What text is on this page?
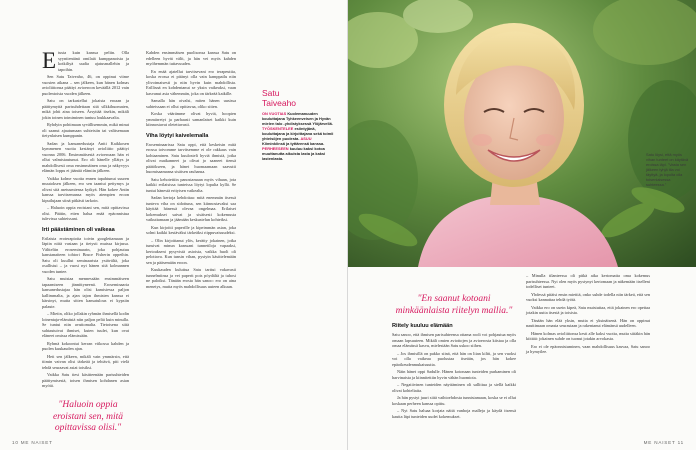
Etusta kuin kanssa peliin. Olla syyntientänä omilaiä kumppanoista ja kotkiltyä uudia ajatusmallehin ja tapoihin.

Sen Satu Taiveaho, 46, on oppinut viime vuosien aikana – sen jälkeen, kun hänen kolmas avioliittonsa päättyi avioeroon keväällä 2012 vain puolentoista vuoden jälkeen.

Satu on tarkastellut jokaista eroaan ja päättymyttä parisuhdettaan sitä silkkihuomaten, mikä johti aina toiseen. Ärsyttää itsekin, mikäli jokin toinen toimiminen tuntuu loukkaavalta.

Ryhdyin pohtimaan syvällisemmin, mikä minut oli saanut ajautumaan suhteisiin tai valitsemaan tietynlaisen kumppanin.

Sadan ja kansanedustaja Antti Kaikkosen kymmenen vuotta kestänyt avioliitto päättyi vuonna 2006. Ensimmäisestä avioeroaan hän ei ollut valmistautunut. Ero oli hänelle yllätys ja mahdollisesti oma ensimmäinen oma ja näkyvyys elämän loppu ei jääntiä elämiin jälkeen.

Vaikka kolme vuotta ennen tapahtunut suuren muutoksen jälkeen, ero sen taantui pettymys ja olivat sitä asetusmiensa kytkyä. Hän kokee Antin kanssa tarvitsemansa myös aiempien eroon kipuilujaan siinä pitkästi tarkoin.

– Haluoin oppia eroistani sen, mitä opittavissa olisi. Päätin, etten halua enää epäonnistua tulevissa suhteissani.

Irti päästäminen oli vaikeaa

Erilaisia eroterapioita toivin googlettamaan ja läpiin niitä vastaan ja tietysti muissa kirjassa. Vältteliin eroseminaarin, joka pohjautuu kanstanaiteen tohtori Bruce Fisherin oppeihin. Satu oli kuullut seminaarista ystävältä, joka osallistui – ja vuosi nyt hänen sitä kolmannen vuoden tuntee.

Satu muistaa mennessään ensimmäiseen tapaamiseen jännittyneenä. Eroseminaaria kansanedustajaa hän olisi kamisiessa paljon kallimmalta, ja ajan tajon ihmisten kanssa ei kärsinyt, mutta sitten kansatulous ei kypsiin palaute.

– Mietin, oliko jollakin ryhmän ihmisellä kodin loinentaja-elämästä niin paljon peliä kuin minulla. Se tuntui niin avuttomalta. Tietoisena siitä suhtautuivat ihmiset, kuten tuulet, kun ovat eläneet omissa elämissään.

Ryhmä kokoontui kerran viikossa kahden ja puolen kuukauden ajan.

Heti sen jälkeen, mikäli vain ymmärsin, että tiimin vaivan olisi tärkeää ja tehtävä, piti vielä tehdä seuraavat asiat toisiksi.

Vaikka Satu tiesi käsitteenään parisuhteiden päättymisestä, toisen ihmisen kohdanen asian myötä.

"Haluoin oppia eroistani sen, mitä opittavissa olisi."

Kahden ensimmäisen puolisonsa kanssa Satu on edelleen hyvät välit, ja hän vei myös kahden myöhemmän tuttavuuden.

En enää ajatellut tarvitsevani ero terapeuttia, koska erossa ei pitänyt olla vain kamppailu niin ylivoimaisesti ja niin hyvin kuin mahdollista. Erillisnä en kohdentanut se yksin vaikeaksi, vaan kasvanut asia vähemmän, joka on tärkeää kaikille.

Samalla hän oivalsi, miten hänen uusissa suhteissaan ei ollut opittavaa, oliko sitten.

Koska väärämme olivat hyviä, hoopien ymmärretyt ja parhaasti samanlaiset kaikki kuin kiinnostavat oletettavasti.

Viha löytyi kaivelemalla

Eroseminaarissa Satu oppi, että keskeisin mitä erossa toivomme tarvitsemme ei ole rakkaus vain kohtaaminen. Satu kuulosteli hyviä ihmisiä, jotka olivat matkanneet ja olivat jo saaneet tiensä päätökseen, ja hänet huomaamaan saavutti huomisaamansa sisäisen rauhansa.

Satu kehotettiin panostamaan myös vihaan, jota kaikki erilaisissa tunteissa löytyi lopulta kyllä. Se tuntui hänestä erityisen vaikealta.

Sadan kertoja kehdottaa: mitä enemmän itsessä tunteva viha on sidottuna, sen kiinnostavaksi saa käyttää hänessä olevaa ongelmaa. Erilaiset kokemukset saivat ja sisäisesti kokemusta vaikuttamaan ja jäämään keskustelun kohteiksi.

Kun kirjoitti paperille ja kipeimmän asian, joka solmi kaikki kestäväksi tärkeäksi riippuvaisuudeksi.

– Olin kirjoittanut ylös, kerätty jokainen, jotka tunsivat minun kanssani tunnetiloja vapaaksi, kertoakseni pysyvistä asioista, vaikka huoli oli pelottava. Kun tunsin vihan, pystyin käsittelemään sen ja pääsemään eroon.

Kuukauden kuluttua Satu tarttui vakavasti tunnelmiinsa ja vei paperit pois pöydältä ja tuhosi ne paloiksi. Tänään erosta hän sanoo: ero on aina menetys, mutta myös mahdollisuus uuteen alkuun.

Satu
Taiveaho
ON VUOTIAS Kuolemanuuden kouluttajana Tyhkeenveisen ja Hyvän mielen talo -yhdistyksessä Ylöjärvellä. TYÖSKENTELEE esiintyjänä, kouluttajana ja kirjoittajana sekä toimii yhteisöjen puolesta. ASUU Kiiminkiinsä ja tyttärensä kanssa. PERHEESEEN kuuluu kaksi kotoa muuttanutta aikuista lasta ja kaksi lastenlasta.
10 ME NAISET
Satu löysi, että myös vihan tunteet on käytävä eroissa läpi. "Vasta sen jälkeen tyhjä tila voi täyttyä, ja lopulta olla toisenlaisessa suhteessa."
"En saanut kotoani minkäänlaista riitelyn mallia."
Riitely kuuluu elämään

Satu sanoo, että ihmisen parisuhteensa ottama rooli voi pohjautua myös omaan lapsuuteen. Mikäli omien aviottojen ja avioerosta kiistaa ja olla omaa elämässä kasvu, mielestään Satu uskoo siihen.

– Jos ihmisillä on pakko siinä, että hän on liian kiltti, ja sen vuoksi voi olla vaikeaa puolustaa itseään, jos hän kokee epäoikeudenmukaisuutta.

Näin hänet oppi Sadulle. Hänen kotonaan tunteiden purkaminen oli harvinaista ja kiinnitettiin hyvin vähän huomiota.

– Negatiivinen tunteiden näyttäminen oli sallittua ja siellä kaikki olivat kohteliaita.

Ja hän pystyi juuri siitä vaihtoehdosta tunnistamaan, koska se ei ollut koskaan perheen kanssa opittu.

– Nyt Satu haluaa korjata näitä vanhoja malleja ja käydä itsensä kautta läpi tunteiden uudet kokemukset.

– Minulla tilanteessa oli pitkä aika kertomatta oma kokemus parisuhteessa. Nyt olen myös pystynyt kertomaan ja näkemään itselleni todelliset tunteet.

Yhdessä pitäisi ensin miettiä, onko suhde todella niin tärkeä, että sen vuoksi kannattaa tehdä työtä.

Vaikka ero on usein kipeä, Satu muistuttaa, että jokainen ero opettaa jotakin uutta itsestä ja toisista.

Tänään hän elää yksin, mutta ei yksinäisenä. Hän on oppinut nauttimaan omasta seurastaan ja rakentanut elämänsä uudelleen.

Hänen kolmas avioliittonsa kesti alle kaksi vuotta, mutta siitäkin hän kiittää: jokainen suhde on tuonut jotakin arvokasta.

Ero ei ole epäonnistuminen, vaan mahdollisuus kasvaa, Satu sanoo ja hymyilee.

ME NAISET 11
